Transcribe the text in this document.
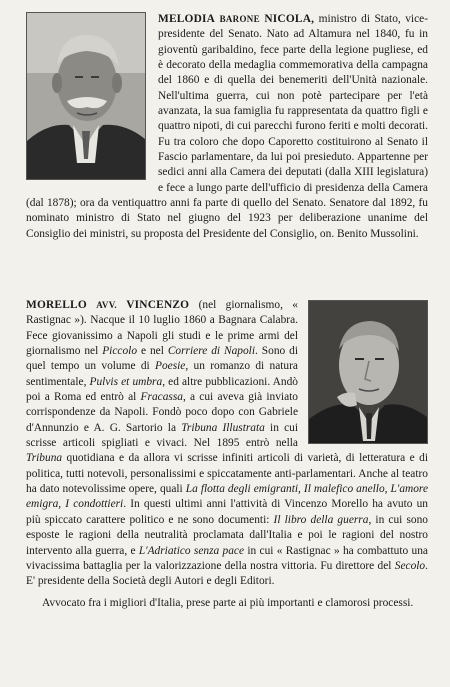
MELODIA BARONE NICOLA, ministro di Stato, vice-presidente del Senato. Nato ad Altamura nel 1840, fu in gioventù garibaldino, fece parte della legione pugliese, ed è decorato della medaglia commemorativa della campagna del 1860 e di quella dei benemeriti dell'Unità nazionale. Nell'ultima guerra, cui non potè partecipare per l'età avanzata, la sua famiglia fu rappresentata da quattro figli e quattro nipoti, di cui parecchi furono feriti e molti decorati. Fu tra coloro che dopo Caporetto costituirono al Senato il Fascio parlamentare, da lui poi presieduto. Appartenne per sedici anni alla Camera dei deputati (dalla XIII legislatura) e fece a lungo parte dell'ufficio di presidenza della Camera (dal 1878); ora da ventiquattro anni fa parte di quello del Senato. Senatore dal 1892, fu nominato ministro di Stato nel giugno del 1923 per deliberazione unanime del Consiglio dei ministri, su proposta del Presidente del Consiglio, on. Benito Mussolini.

MORELLO AVV. VINCENZO (nel giornalismo, « Rastignac »). Nacque il 10 luglio 1860 a Bagnara Calabra. Fece giovanissimo a Napoli gli studi e le prime armi del giornalismo nel Piccolo e nel Corriere di Napoli. Sono di quel tempo un volume di Poesie, un romanzo di natura sentimentale, Pulvis et umbra, ed altre pubblicazioni. Andò poi a Roma ed entrò al Fracassa, a cui aveva già inviato corrispondenze da Napoli. Fondò poco dopo con Gabriele d'Annunzio e A. G. Sartorio la Tribuna Illustrata in cui scrisse articoli spigliati e vivaci. Nel 1895 entrò nella Tribuna quotidiana e da allora vi scrisse infiniti articoli di varietà, di letteratura e di politica, tutti notevoli, personalissimi e spiccatamente anti-parlamentari. Anche al teatro ha dato notevolissime opere, quali La flotta degli emigranti, Il malefico anello, L'amore emigra, I condottieri. In questi ultimi anni l'attività di Vincenzo Morello ha avuto un più spiccato carattere politico e ne sono documenti: Il libro della guerra, in cui sono esposte le ragioni della neutralità proclamata dall'Italia e poi le ragioni del nostro intervento alla guerra, e L'Adriatico senza pace in cui « Rastignac » ha combattuto una vivacissima battaglia per la valorizzazione della nostra vittoria. Fu direttore del Secolo. E' presidente della Società degli Autori e degli Editori.

Avvocato fra i migliori d'Italia, prese parte ai più importanti e clamorosi processi.
